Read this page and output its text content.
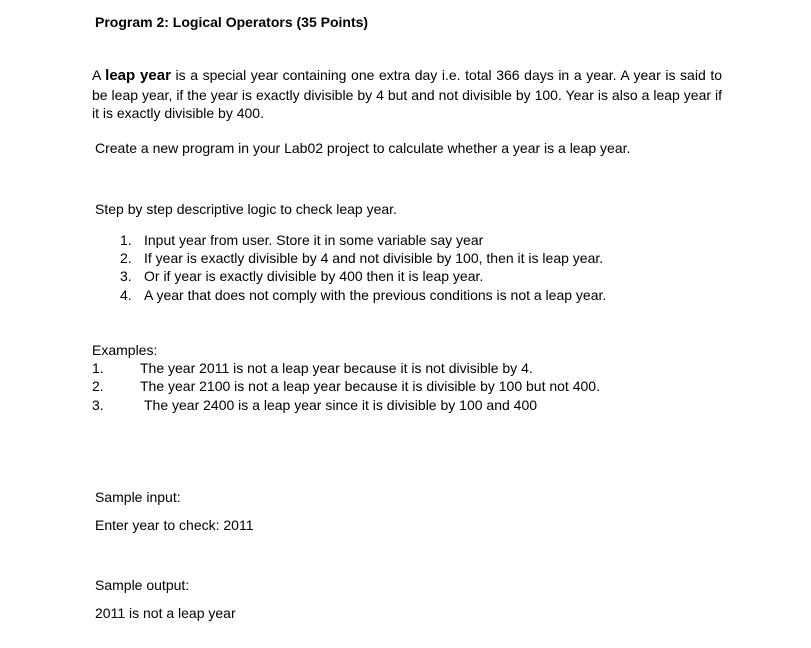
Program 2: Logical Operators (35 Points)
A leap year is a special year containing one extra day i.e. total 366 days in a year. A year is said to be leap year, if the year is exactly divisible by 4 but and not divisible by 100. Year is also a leap year if it is exactly divisible by 400.
Create a new program in your Lab02 project to calculate whether a year is a leap year.
Step by step descriptive logic to check leap year.
1. Input year from user. Store it in some variable say year
2. If year is exactly divisible by 4 and not divisible by 100, then it is leap year.
3. Or if year is exactly divisible by 400 then it is leap year.
4. A year that does not comply with the previous conditions is not a leap year.
Examples:
1.	The year 2011 is not a leap year because it is not divisible by 4.
2.	The year 2100 is not a leap year because it is divisible by 100 but not 400.
3.	The year 2400 is a leap year since it is divisible by 100 and 400
Sample input:
Enter year to check: 2011
Sample output:
2011 is not a leap year
